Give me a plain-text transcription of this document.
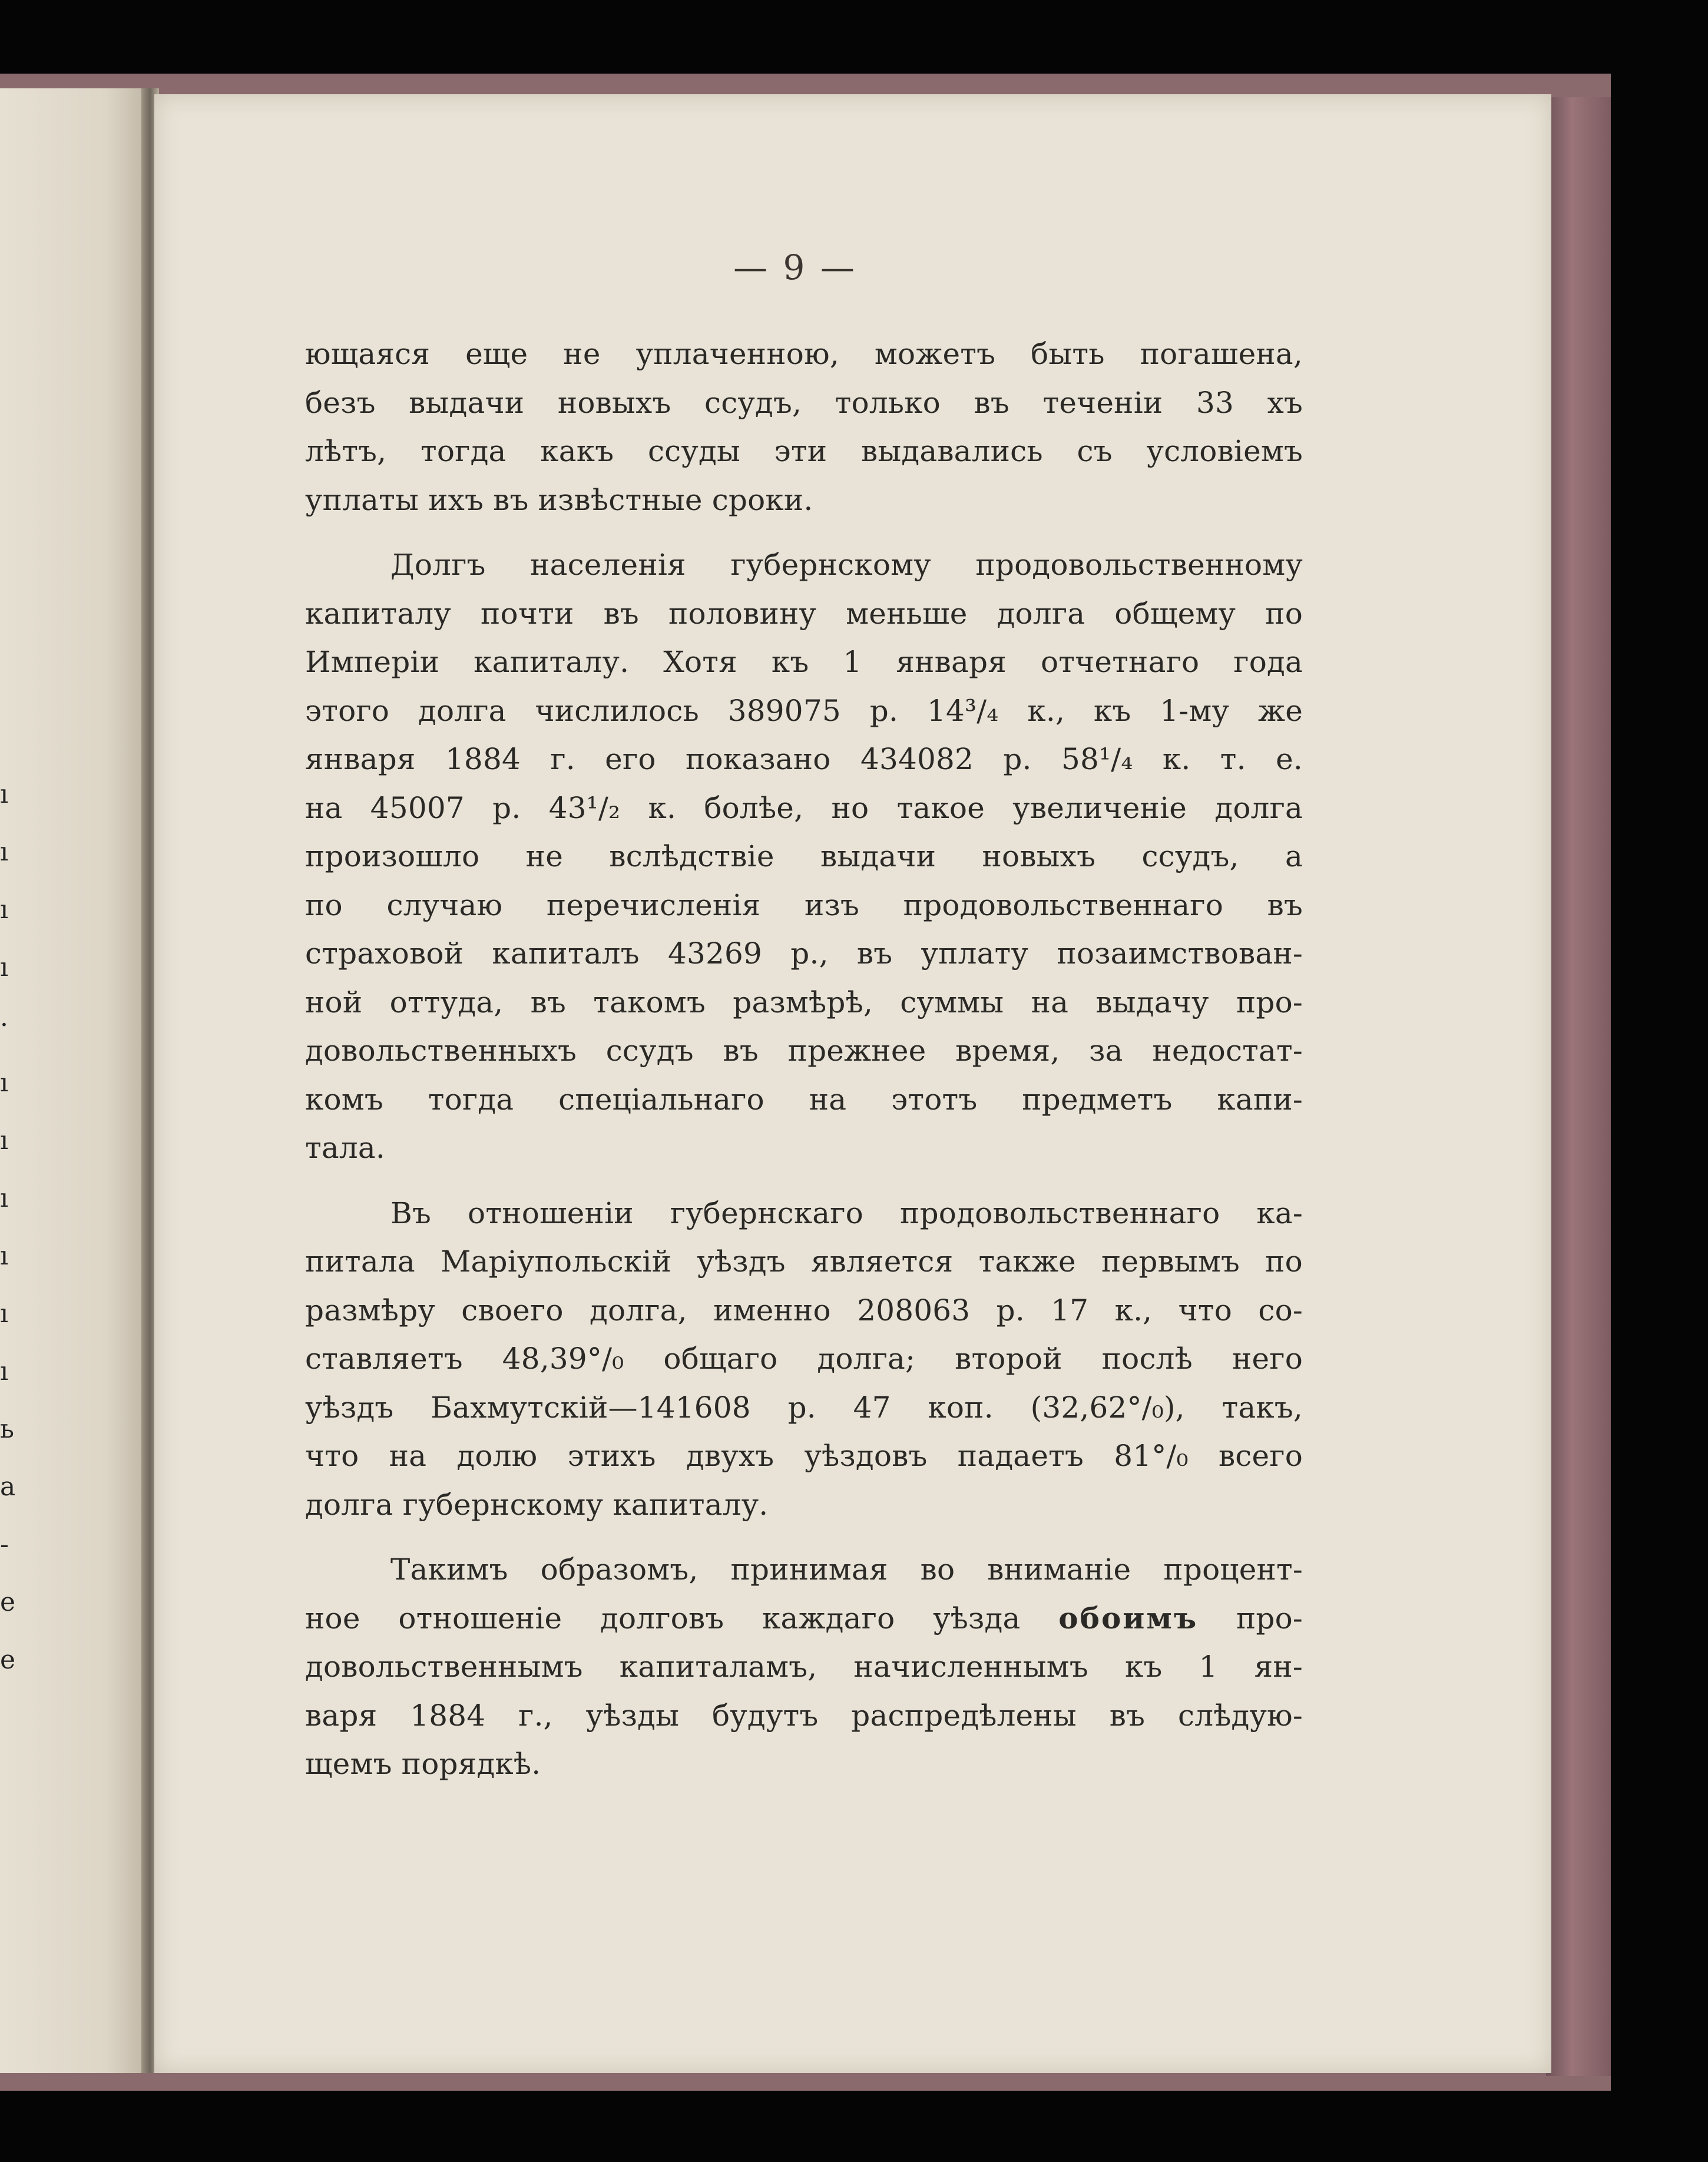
ı
ı
ı
ı
·
ı
ı
ı
ı
ı
ı
ь
а
-
е
е
— 9 —
ющаяся еще не уплаченною, можетъ быть погашена,
безъ выдачи новыхъ ссудъ, только въ теченіи 33 хъ
лѣтъ, тогда какъ ссуды эти выдавались съ условіемъ
уплаты ихъ въ извѣстные сроки.
Долгъ населенія губернскому продовольственному
капиталу почти въ половину меньше долга общему по
Имперіи капиталу. Хотя къ 1 января отчетнаго года
этого долга числилось 389075 р. 14³/₄ к., къ 1-му же
января 1884 г. его показано 434082 р. 58¹/₄ к. т. е.
на 45007 р. 43¹/₂ к. болѣе, но такое увеличеніе долга
произошло не вслѣдствіе выдачи новыхъ ссудъ, а
по случаю перечисленія изъ продовольственнаго въ
страховой капиталъ 43269 р., въ уплату позаимствован-
ной оттуда, въ такомъ размѣрѣ, суммы на выдачу про-
довольственныхъ ссудъ въ прежнее время, за недостат-
комъ тогда спеціальнаго на этотъ предметъ капи-
тала.
Въ отношеніи губернскаго продовольственнаго ка-
питала Маріупольскій уѣздъ является также первымъ по
размѣру своего долга, именно 208063 р. 17 к., что со-
ставляетъ 48,39°/₀ общаго долга; второй послѣ него
уѣздъ Бахмутскій—141608 р. 47 коп. (32,62°/₀), такъ,
что на долю этихъ двухъ уѣздовъ падаетъ 81°/₀ всего
долга губернскому капиталу.
Такимъ образомъ, принимая во вниманіе процент-
ное отношеніе долговъ каждаго уѣзда обоимъ про-
довольственнымъ капиталамъ, начисленнымъ къ 1 ян-
варя 1884 г., уѣзды будутъ распредѣлены въ слѣдую-
щемъ порядкѣ.
